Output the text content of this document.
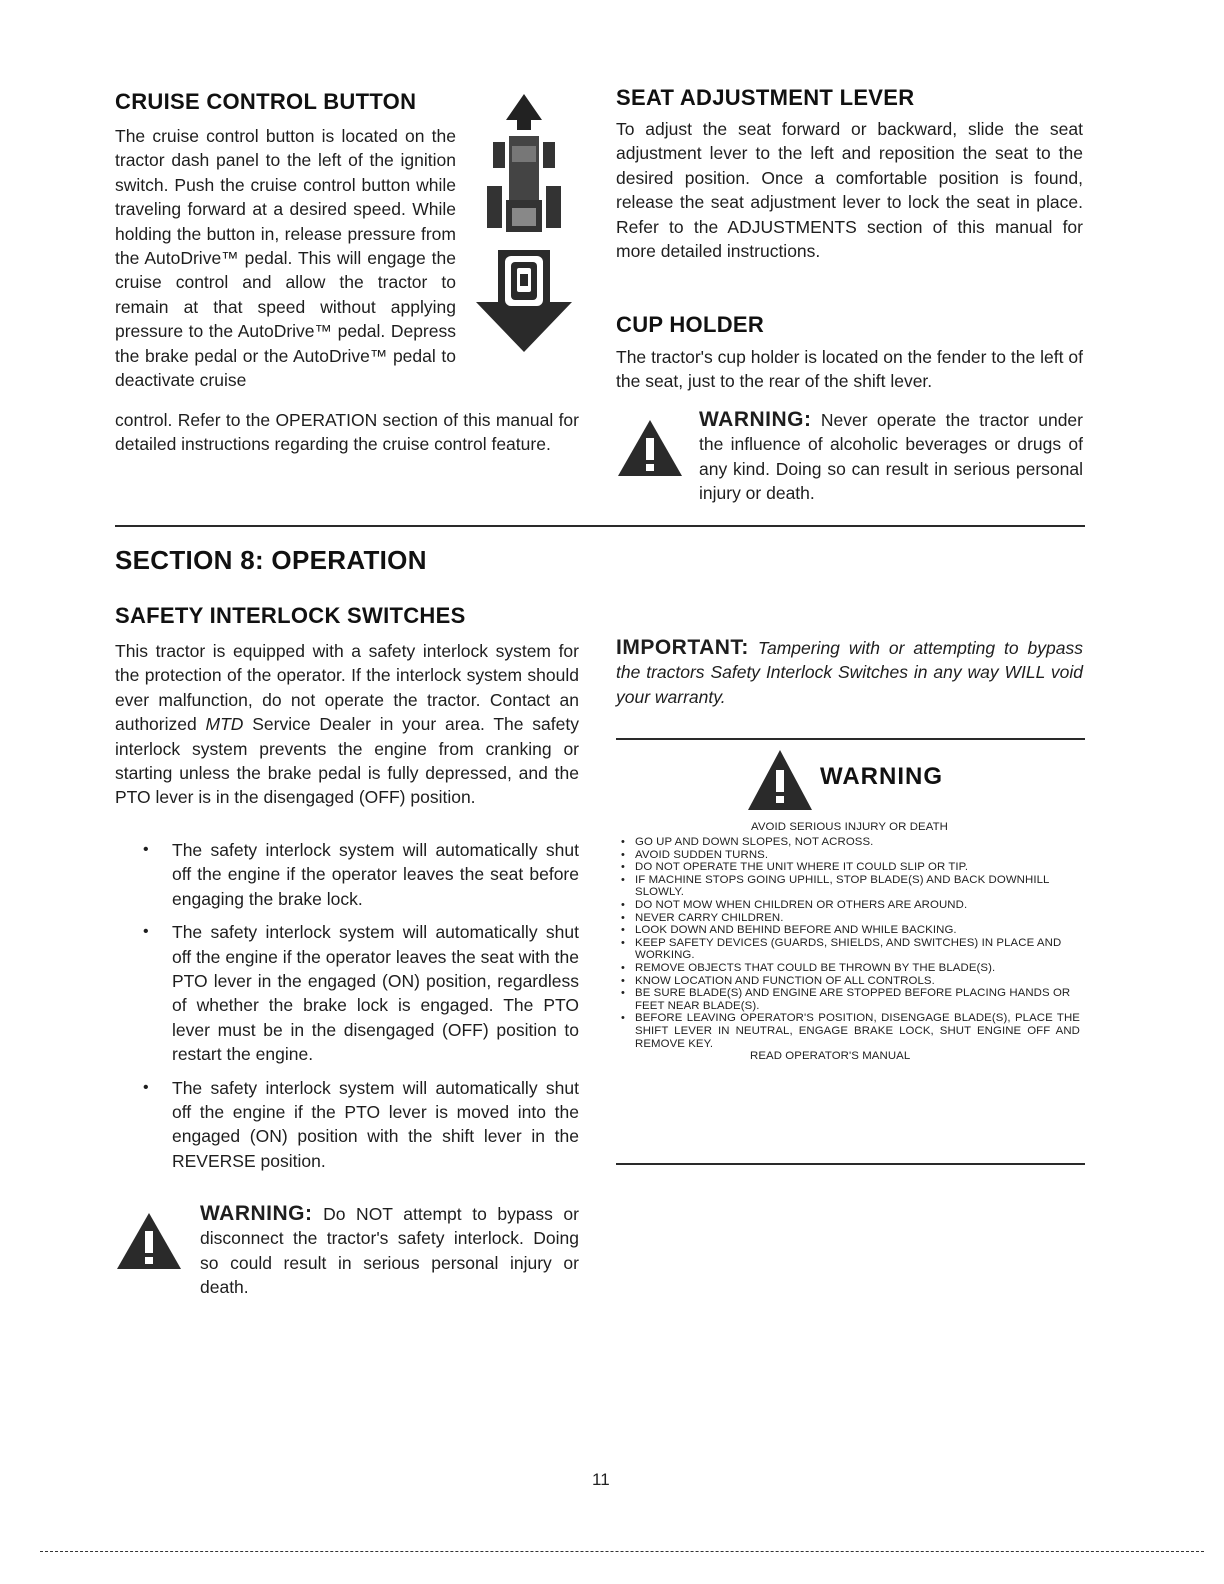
CRUISE CONTROL BUTTON
The cruise control button is located on the tractor dash panel to the left of the ignition switch. Push the cruise control button while traveling forward at a desired speed. While holding the button in, release pressure from the AutoDrive™ pedal. This will engage the cruise control and allow the tractor to remain at that speed without applying pressure to the AutoDrive™ pedal. Depress the brake pedal or the AutoDrive™ pedal to deactivate cruise
control. Refer to the OPERATION section of this manual for detailed instructions regarding the cruise control feature.
SEAT ADJUSTMENT LEVER
To adjust the seat forward or backward, slide the seat adjustment lever to the left and reposition the seat to the desired position. Once a comfortable position is found, release the seat adjustment lever to lock the seat in place. Refer to the ADJUSTMENTS section of this manual for more detailed instructions.
CUP HOLDER
The tractor's cup holder is located on the fender to the left of the seat, just to the rear of the shift lever.
WARNING: Never operate the tractor under the influence of alcoholic beverages or drugs of any kind. Doing so can result in serious personal injury or death.
SECTION 8: OPERATION
SAFETY INTERLOCK SWITCHES
This tractor is equipped with a safety interlock system for the protection of the operator. If the interlock system should ever malfunction, do not operate the tractor. Contact an authorized MTD Service Dealer in your area. The safety interlock system prevents the engine from cranking or starting unless the brake pedal is fully depressed, and the PTO lever is in the disengaged (OFF) position.
• The safety interlock system will automatically shut off the engine if the operator leaves the seat before engaging the brake lock.
• The safety interlock system will automatically shut off the engine if the operator leaves the seat with the PTO lever in the engaged (ON) position, regardless of whether the brake lock is engaged. The PTO lever must be in the disengaged (OFF) position to restart the engine.
• The safety interlock system will automatically shut off the engine if the PTO lever is moved into the engaged (ON) position with the shift lever in the REVERSE position.
WARNING: Do NOT attempt to bypass or disconnect the tractor's safety interlock. Doing so could result in serious personal injury or death.
IMPORTANT: Tampering with or attempting to bypass the tractors Safety Interlock Switches in any way WILL void your warranty.
WARNING
AVOID SERIOUS INJURY OR DEATH
• GO UP AND DOWN SLOPES, NOT ACROSS.
• AVOID SUDDEN TURNS.
• DO NOT OPERATE THE UNIT WHERE IT COULD SLIP OR TIP.
• IF MACHINE STOPS GOING UPHILL, STOP BLADE(S) AND BACK DOWNHILL SLOWLY.
• DO NOT MOW WHEN CHILDREN OR OTHERS ARE AROUND.
• NEVER CARRY CHILDREN.
• LOOK DOWN AND BEHIND BEFORE AND WHILE BACKING.
• KEEP SAFETY DEVICES (GUARDS, SHIELDS, AND SWITCHES) IN PLACE AND WORKING.
• REMOVE OBJECTS THAT COULD BE THROWN BY THE BLADE(S).
• KNOW LOCATION AND FUNCTION OF ALL CONTROLS.
• BE SURE BLADE(S) AND ENGINE ARE STOPPED BEFORE PLACING HANDS OR FEET NEAR BLADE(S).
• BEFORE LEAVING OPERATOR'S POSITION, DISENGAGE BLADE(S), PLACE THE SHIFT LEVER IN NEUTRAL, ENGAGE BRAKE LOCK, SHUT ENGINE OFF AND REMOVE KEY.
READ OPERATOR'S MANUAL
11
